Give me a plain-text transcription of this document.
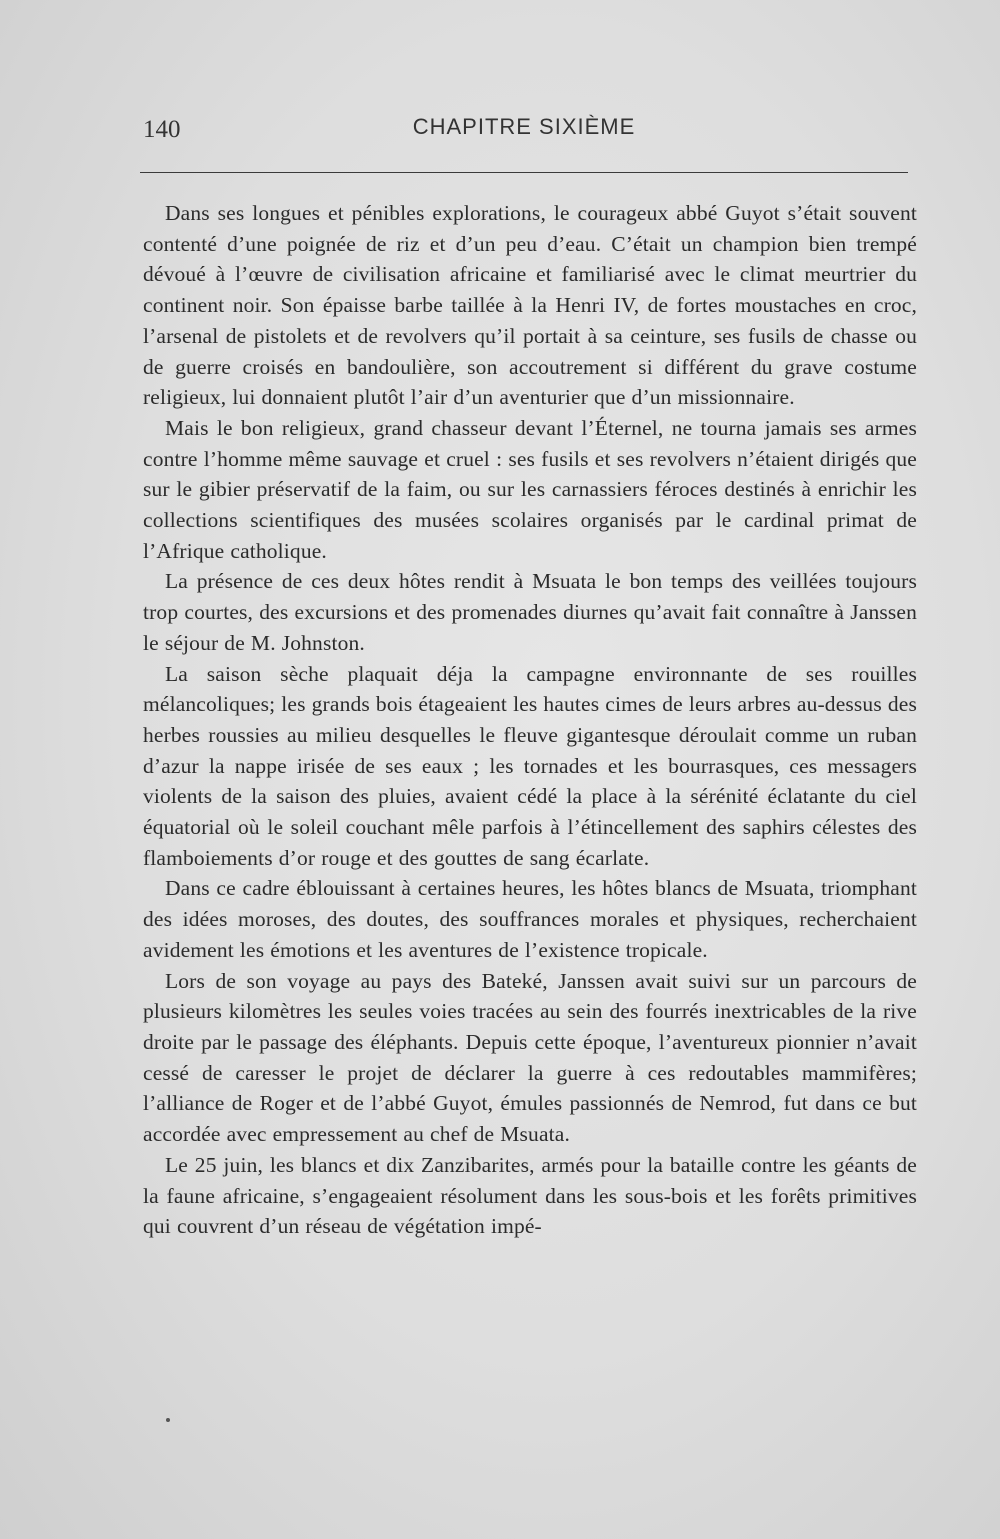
140	CHAPITRE SIXIÈME

Dans ses longues et pénibles explorations, le courageux abbé Guyot s’était souvent contenté d’une poignée de riz et d’un peu d’eau. C’était un champion bien trempé dévoué à l’œuvre de civilisation africaine et familiarisé avec le climat meurtrier du continent noir. Son épaisse barbe taillée à la Henri IV, de fortes moustaches en croc, l’arsenal de pistolets et de revolvers qu’il portait à sa ceinture, ses fusils de chasse ou de guerre croisés en bandoulière, son accoutrement si différent du grave costume religieux, lui donnaient plutôt l’air d’un aventurier que d’un missionnaire.

Mais le bon religieux, grand chasseur devant l’Éternel, ne tourna jamais ses armes contre l’homme même sauvage et cruel : ses fusils et ses revolvers n’étaient dirigés que sur le gibier préservatif de la faim, ou sur les carnassiers féroces destinés à enrichir les collections scientifiques des musées scolaires organisés par le cardinal primat de l’Afrique catholique.

La présence de ces deux hôtes rendit à Msuata le bon temps des veillées toujours trop courtes, des excursions et des promenades diurnes qu’avait fait connaître à Janssen le séjour de M. Johnston.

La saison sèche plaquait déja la campagne environnante de ses rouilles mélancoliques; les grands bois étageaient les hautes cimes de leurs arbres au-dessus des herbes roussies au milieu desquelles le fleuve gigantesque déroulait comme un ruban d’azur la nappe irisée de ses eaux ; les tornades et les bourrasques, ces messagers violents de la saison des pluies, avaient cédé la place à la sérénité éclatante du ciel équatorial où le soleil couchant mêle parfois à l’étincellement des saphirs célestes des flamboiements d’or rouge et des gouttes de sang écarlate.

Dans ce cadre éblouissant à certaines heures, les hôtes blancs de Msuata, triomphant des idées moroses, des doutes, des souffrances morales et physiques, recherchaient avidement les émotions et les aventures de l’existence tropicale.

Lors de son voyage au pays des Bateké, Janssen avait suivi sur un parcours de plusieurs kilomètres les seules voies tracées au sein des fourrés inextricables de la rive droite par le passage des éléphants. Depuis cette époque, l’aventureux pionnier n’avait cessé de caresser le projet de déclarer la guerre à ces redoutables mammifères; l’alliance de Roger et de l’abbé Guyot, émules passionnés de Nemrod, fut dans ce but accordée avec empressement au chef de Msuata.

Le 25 juin, les blancs et dix Zanzibarites, armés pour la bataille contre les géants de la faune africaine, s’engageaient résolument dans les sous-bois et les forêts primitives qui couvrent d’un réseau de végétation impé-
